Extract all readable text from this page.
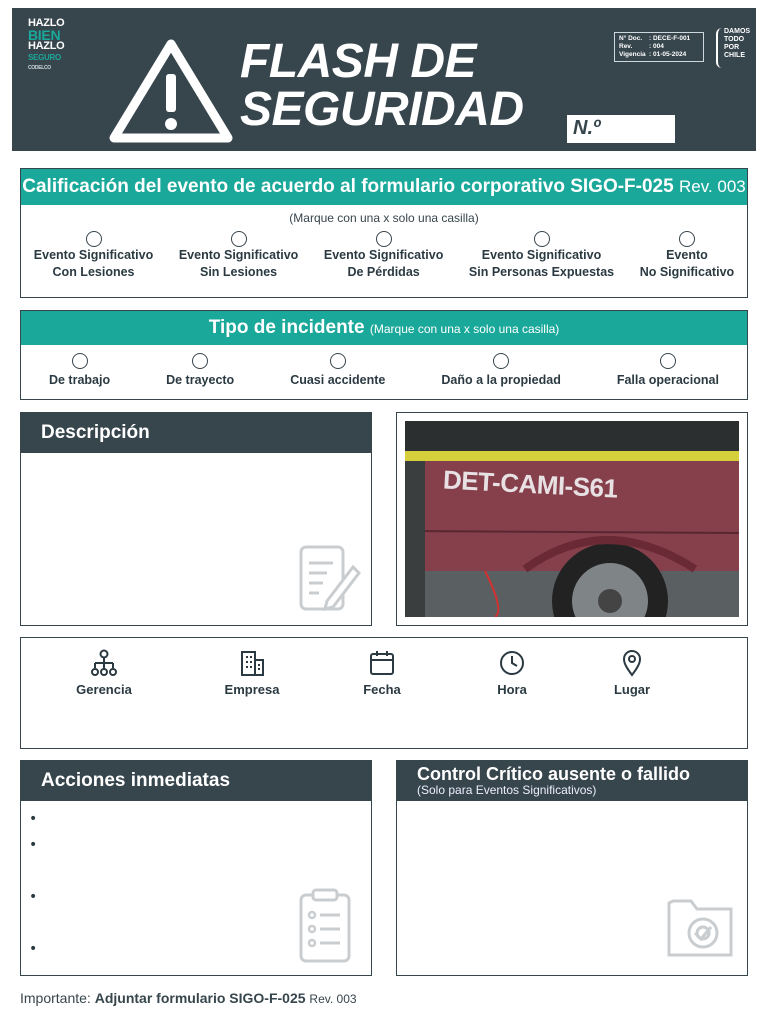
HAZLO
BIEN
HAZLO
SEGURO
CODELCO	FLASH DE
SEGURIDAD N.º
N° Doc.	: DECE-F-001
Rev.	: 004
Vigencia : 01-05-2024
DAMOS
TODO
POR
CHILE
Calificación del evento de acuerdo al formulario corporativo SIGO-F-025 Rev. 003
(Marque con una x solo una casilla)
Evento Significativo
Con Lesiones
Evento Significativo
Sin Lesiones
Evento Significativo
De Pérdidas
Evento Significativo
Sin Personas Expuestas
Evento
No Significativo
Tipo de incidente (Marque con una x solo una casilla)
De trabajo	De trayecto	Cuasi accidente	Daño a la propiedad	Falla operacional
Descripción
DET-CAMI-S61
Gerencia	Empresa	Fecha	Hora	Lugar
Acciones inmediatas
•
•
•
•
Control Crítico ausente o fallido
(Solo para Eventos Significativos)
Importante: Adjuntar formulario SIGO-F-025 Rev. 003
